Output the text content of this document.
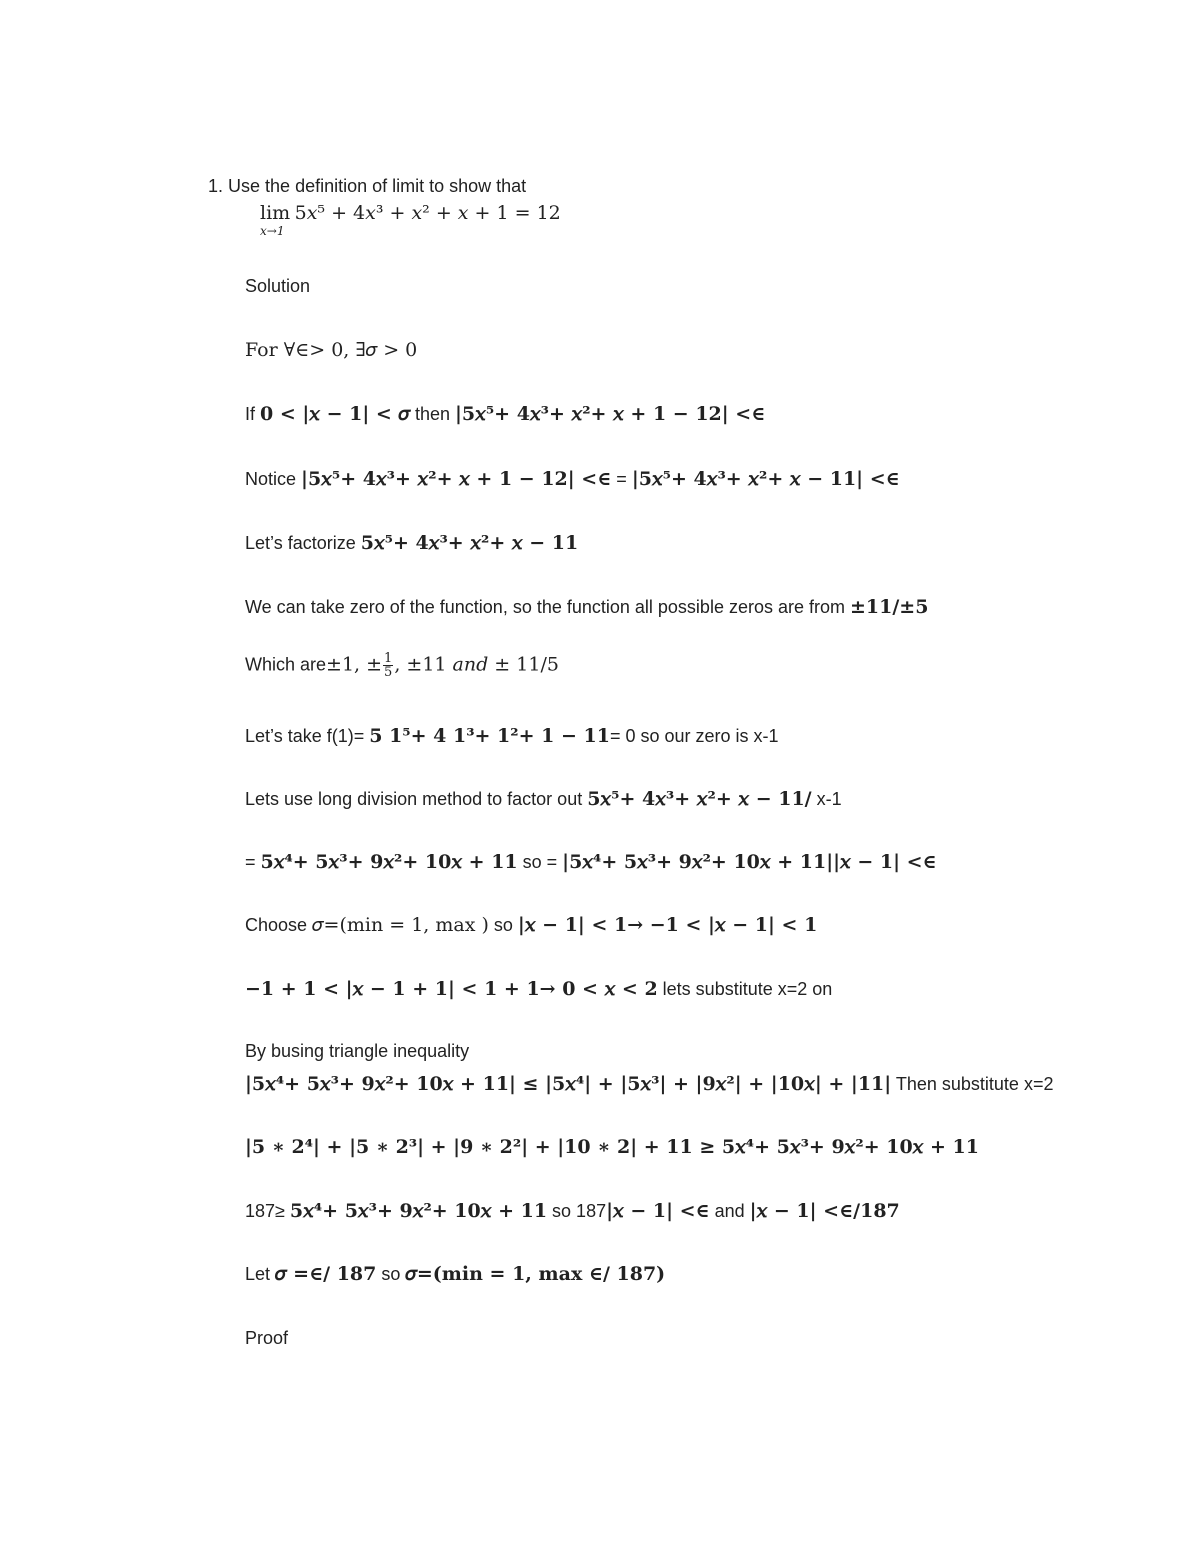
1. Use the definition of limit to show that
lim 5𝑥⁵ + 4𝑥³ + 𝑥² + 𝑥 + 1 = 12
𝑥→1
Solution
For ∀∈> 0, ∃𝜎 > 0
If 0 < |𝑥 − 1| < 𝜎 then |5𝑥⁵+ 4𝑥³+ 𝑥²+ 𝑥 + 1 − 12| <∈
Notice |5𝑥⁵+ 4𝑥³+ 𝑥²+ 𝑥 + 1 − 12| <∈ = |5𝑥⁵+ 4𝑥³+ 𝑥²+ 𝑥 − 11| <∈
Let’s factorize 5𝑥⁵+ 4𝑥³+ 𝑥²+ 𝑥 − 11
We can take zero of the function, so the function all possible zeros are from ±11/±5
Which are±1, ± $\frac{1}{5}$ , ±11 𝑎𝑛𝑑 ± 11/5
Let’s take f(1)= 5 1⁵+ 4 1³+ 1²+ 1 − 11= 0 so our zero is x-1
Lets use long division method to factor out 5𝑥⁵+ 4𝑥³+ 𝑥²+ 𝑥 − 11/ x-1
= 5𝑥⁴+ 5𝑥³+ 9𝑥²+ 10𝑥 + 11 so = |5𝑥⁴+ 5𝑥³+ 9𝑥²+ 10𝑥 + 11||𝑥 − 1| <∈
Choose 𝜎=(min = 1, max ) so |𝑥 − 1| < 1→ −1 < |𝑥 − 1| < 1
−1 + 1 < |𝑥 − 1 + 1| < 1 + 1→ 0 < 𝑥 < 2 lets substitute x=2 on
By busing triangle inequality
|5𝑥⁴+ 5𝑥³+ 9𝑥²+ 10𝑥 + 11| ≤ |5𝑥⁴| + |5𝑥³| + |9𝑥²| + |10𝑥| + |11| Then substitute x=2
|5 ∗ 2⁴| + |5 ∗ 2³| + |9 ∗ 2²| + |10 ∗ 2| + 11 ≥ 5𝑥⁴+ 5𝑥³+ 9𝑥²+ 10𝑥 + 11
187≥ 5𝑥⁴+ 5𝑥³+ 9𝑥²+ 10𝑥 + 11 so 187|𝑥 − 1| <∈ and |𝑥 − 1| <∈/187
Let 𝜎 =∈/ 187 so 𝜎=(min = 1, max ∈/ 187)
Proof
